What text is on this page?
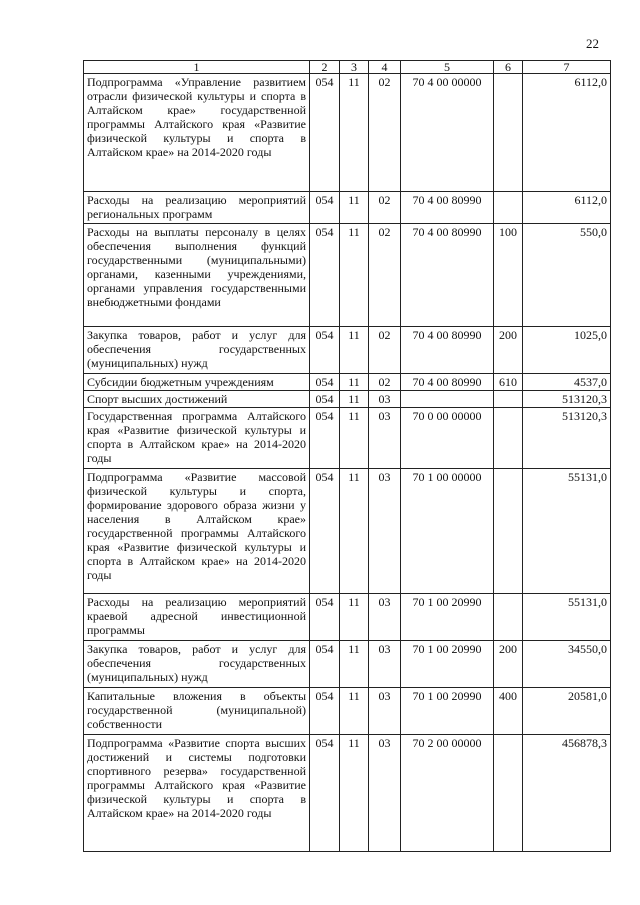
22
1	2	3	4	5	6	7
Подпрограмма «Управление развитием отрасли физической культуры и спорта в Алтайском крае» государственной программы Алтайского края «Развитие физической культуры и спорта в Алтайском крае» на 2014-2020 годы	054	11	02	70 4 00 00000		6112,0
Расходы на реализацию мероприятий региональных программ	054	11	02	70 4 00 80990		6112,0
Расходы на выплаты персоналу в целях обеспечения выполнения функций государственными (муниципальными) органами, казенными учреждениями, органами управления государственными внебюджетными фондами	054	11	02	70 4 00 80990	100	550,0
Закупка товаров, работ и услуг для обеспечения государственных (муниципальных) нужд	054	11	02	70 4 00 80990	200	1025,0
Субсидии бюджетным учреждениям	054	11	02	70 4 00 80990	610	4537,0
Спорт высших достижений	054	11	03			513120,3
Государственная программа Алтайского края «Развитие физической культуры и спорта в Алтайском крае» на 2014-2020 годы	054	11	03	70 0 00 00000		513120,3
Подпрограмма «Развитие массовой физической культуры и спорта, формирование здорового образа жизни у населения в Алтайском крае» государственной программы Алтайского края «Развитие физической культуры и спорта в Алтайском крае» на 2014-2020 годы	054	11	03	70 1 00 00000		55131,0
Расходы на реализацию мероприятий краевой адресной инвестиционной программы	054	11	03	70 1 00 20990		55131,0
Закупка товаров, работ и услуг для обеспечения государственных (муниципальных) нужд	054	11	03	70 1 00 20990	200	34550,0
Капитальные вложения в объекты государственной (муниципальной) собственности	054	11	03	70 1 00 20990	400	20581,0
Подпрограмма «Развитие спорта высших достижений и системы подготовки спортивного резерва» государственной программы Алтайского края «Развитие физической культуры и спорта в Алтайском крае» на 2014-2020 годы	054	11	03	70 2 00 00000		456878,3
